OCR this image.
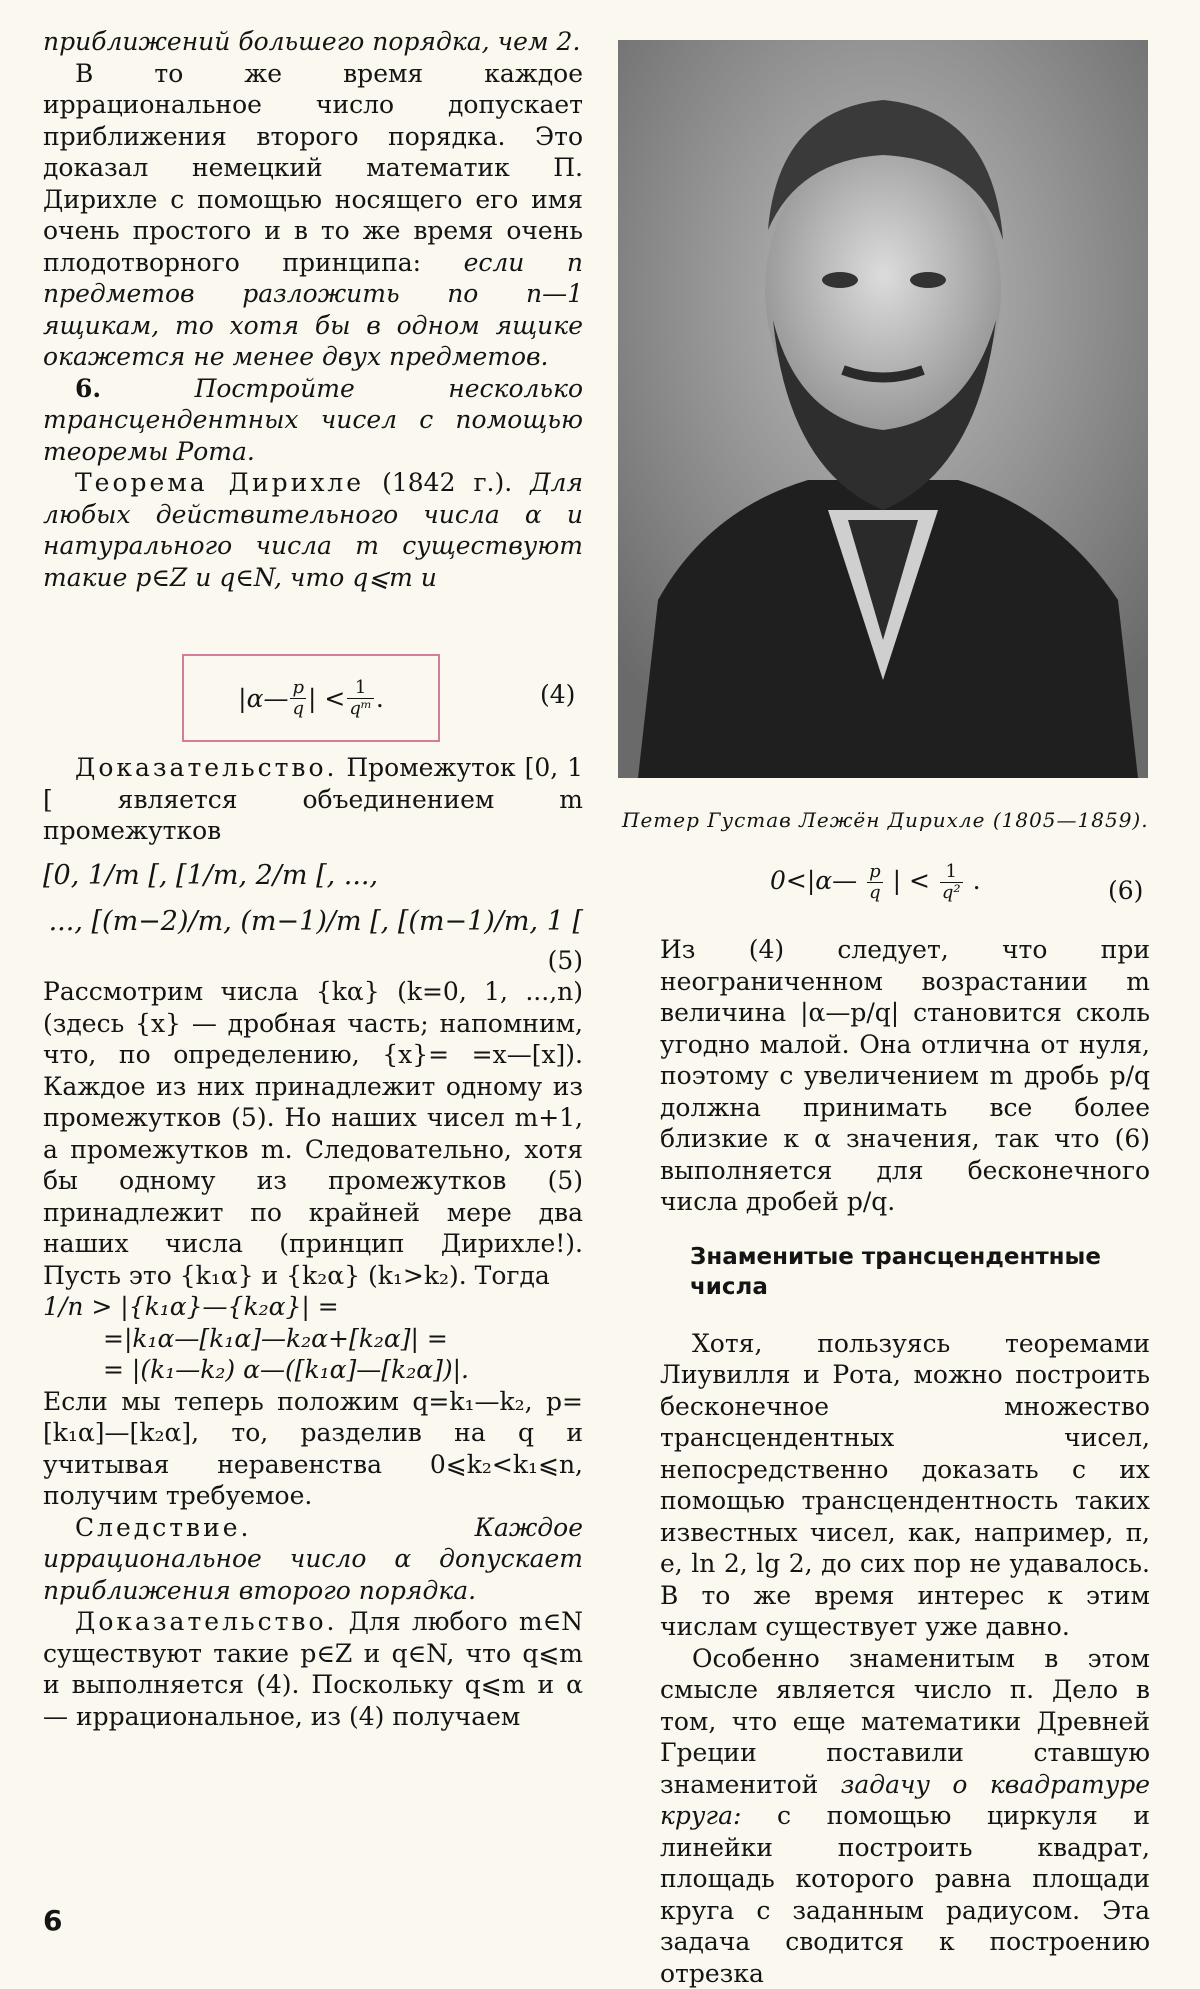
приближений большего порядка, чем 2.

В то же время каждое иррациональное число допускает приближения второго порядка. Это доказал немецкий математик П. Дирихле с помощью носящего его имя очень простого и в то же время очень плодотворного принципа: если n предметов разложить по n—1 ящикам, то хотя бы в одном ящике окажется не менее двух предметов.

6.	Постройте несколько трансцендентных чисел с помощью теоремы Рота.

Теорема Дирихле (1842 г.). Для любых действительного числа α и натурального числа m существуют такие p∈Z и q∈N, что q⩽m и

|α— $\frac{p}{q}$ | < $\frac{1}{\text{qᵐ}}$ .	(4)

Доказательство. Промежуток [0, 1 [ является объединением m промежутков

[0, 1/m [, [1/m, 2/m [, ...,

..., [(m−2)/m, (m−1)/m [, [(m−1)/m, 1 [

(5)

Рассмотрим числа {kα} (k=0, 1, ...,n) (здесь {x} — дробная часть; напомним, что, по определению, {x}= =x—[x]). Каждое из них принадлежит одному из промежутков (5). Но наших чисел m+1, а промежутков m. Следовательно, хотя бы одному из промежутков (5) принадлежит по крайней мере два наших числа (принцип Дирихле!). Пусть это {k₁α} и {k₂α} (k₁>k₂). Тогда

1/n > |{k₁α}—{k₂α}| =

=|k₁α—[k₁α]—k₂α+[k₂α]| =

= |(k₁—k₂) α—([k₁α]—[k₂α])|.

Если мы теперь положим q=k₁—k₂, p=[k₁α]—[k₂α], то, разделив на q и учитывая неравенства 0⩽k₂<k₁⩽n, получим требуемое.

Следствие.	Каждое иррациональное число α допускает приближения второго порядка.

Доказательство. Для любого m∈N существуют такие p∈Z и q∈N, что q⩽m и выполняется (4). Поскольку q⩽m и α — иррациональное, из (4) получаем

Петер Густав Лежён Дирихле (1805—1859).
0<|α— $\frac{p}{q}$ | < $\frac{1}{\text{q²}}$ .	(6)

Из (4) следует, что при неограниченном возрастании m величина |α—p/q| становится сколь угодно малой. Она отлична от нуля, поэтому с увеличением m дробь p/q должна принимать все более близкие к α значения, так что (6) выполняется для бесконечного числа дробей p/q.

Знаменитые трансцендентные числа

Хотя, пользуясь теоремами Лиувилля и Рота, можно построить бесконечное множество трансцендентных чисел, непосредственно доказать с их помощью трансцендентность таких известных чисел, как, например, π, e, ln 2, lg 2, до сих пор не удавалось. В то же время интерес к этим числам существует уже давно.

Особенно знаменитым в этом смысле является число π. Дело в том, что еще математики Древней Греции поставили ставшую знаменитой задачу о квадратуре круга: с помощью циркуля и линейки построить квадрат, площадь которого равна площади круга с заданным радиусом. Эта задача сводится к построению отрезка

6
